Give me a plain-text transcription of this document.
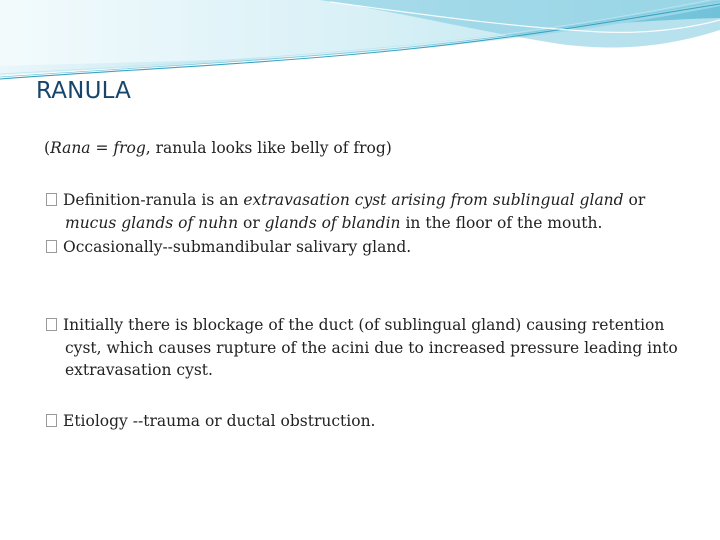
RANULA
(Rana = frog, ranula looks like belly of frog)
Definition-ranula is an extravasation cyst arising from sublingual gland or
mucus glands of nuhn or glands of blandin in the floor of the mouth.
Occasionally--submandibular salivary gland.
Initially there is blockage of the duct (of sublingual gland) causing retention
cyst, which causes rupture of the acini due to increased pressure leading into
extravasation cyst.
Etiology --trauma or ductal obstruction.
